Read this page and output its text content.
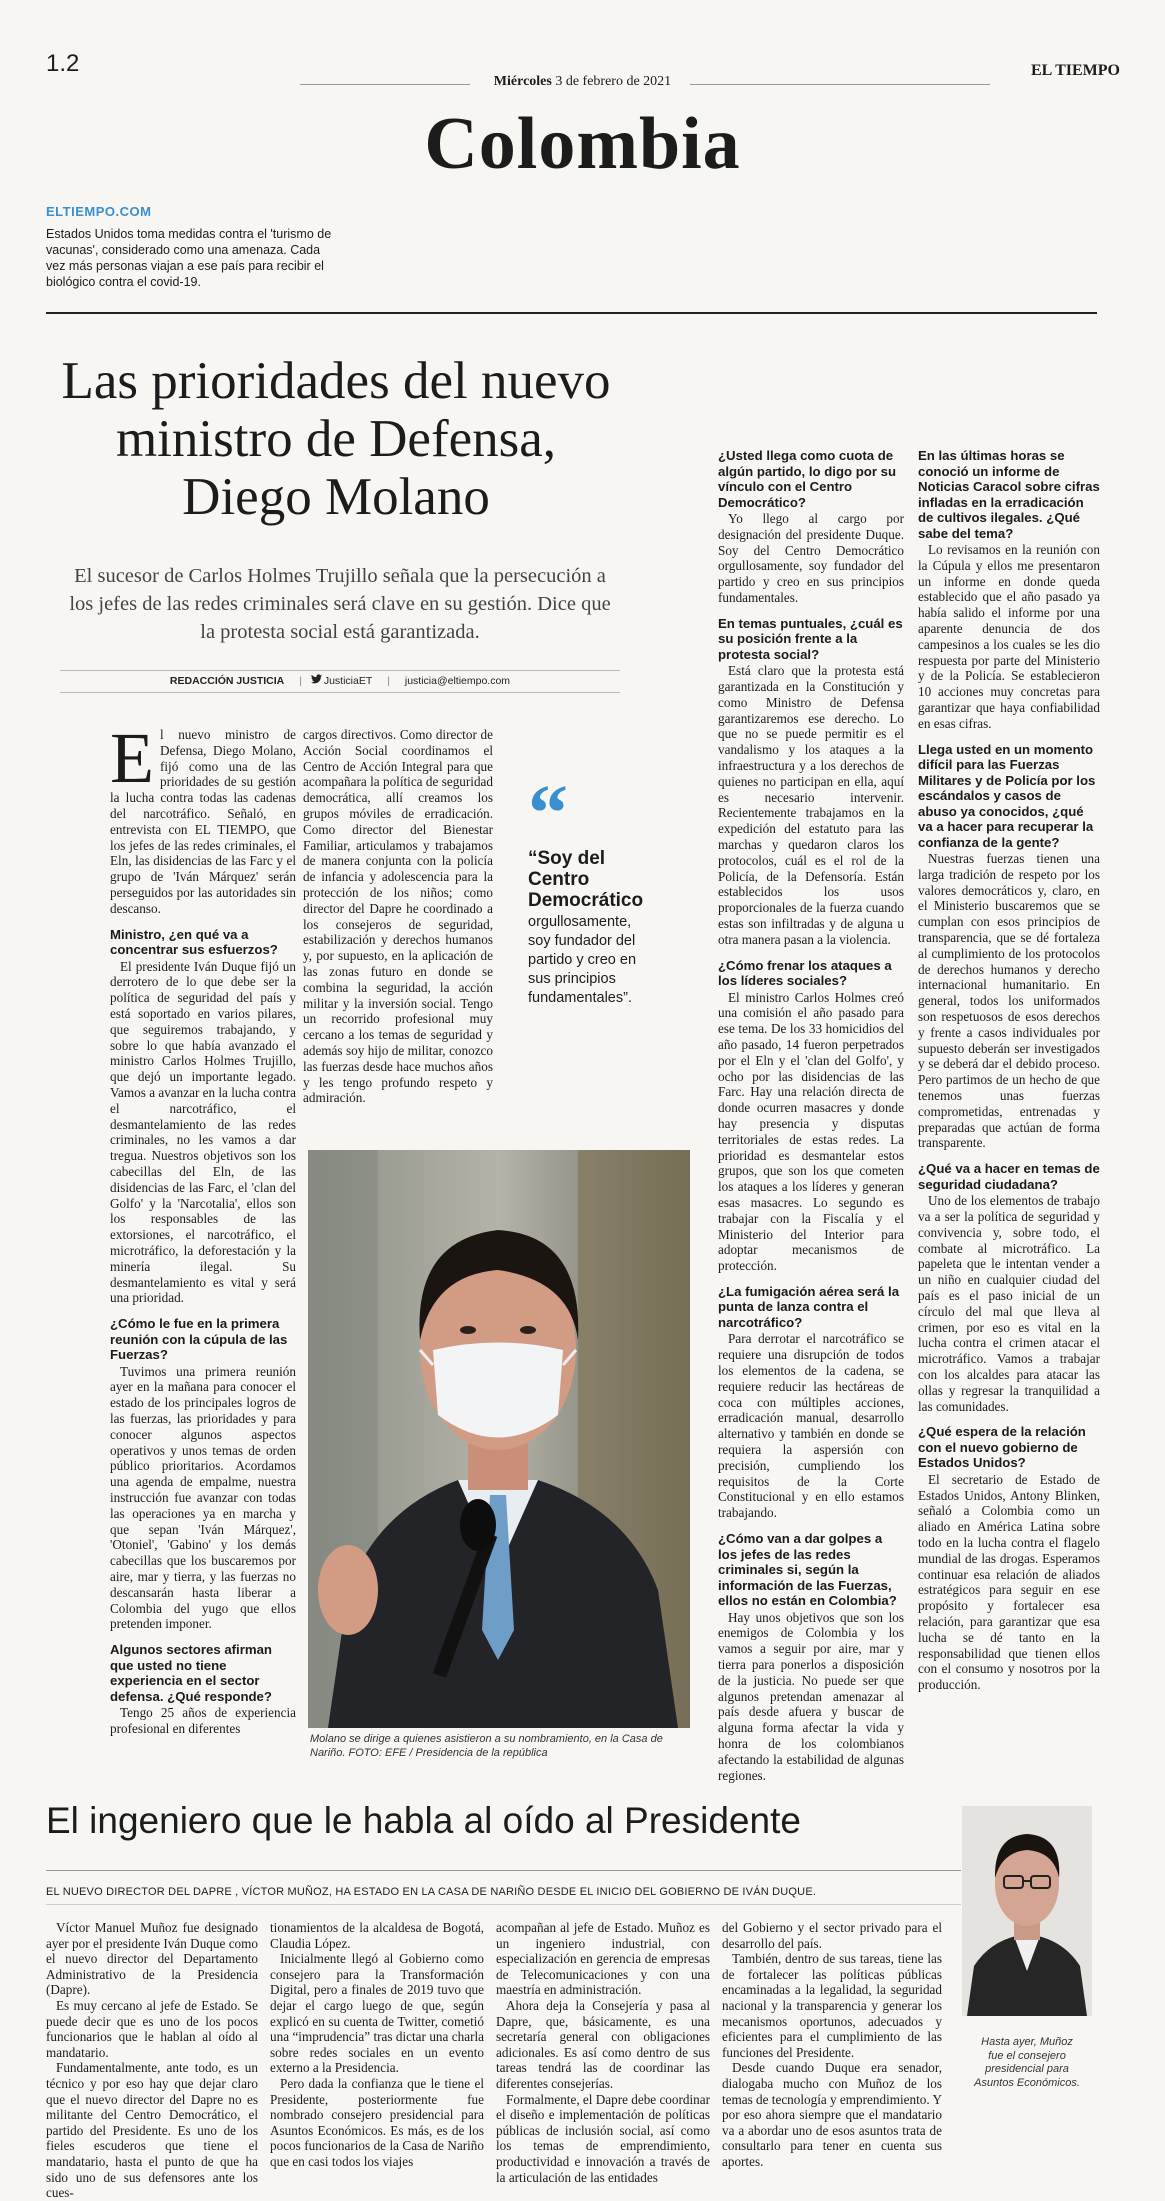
1.2
Miércoles 3 de febrero de 2021
EL TIEMPO
Colombia
ELTIEMPO.COM
Estados Unidos toma medidas contra el 'turismo de vacunas', considerado como una amenaza. Cada vez más personas viajan a ese país para recibir el biológico contra el covid-19.
Las prioridades del nuevo ministro de Defensa, Diego Molano
El sucesor de Carlos Holmes Trujillo señala que la persecución a los jefes de las redes criminales será clave en su gestión. Dice que la protesta social está garantizada.
REDACCIÓN JUSTICIA | JusticiaET | justicia@eltiempo.com

El nuevo ministro de Defensa, Diego Molano, fijó como una de las prioridades de su gestión la lucha contra todas las cadenas del narcotráfico. Señaló, en entrevista con EL TIEMPO, que los jefes de las redes criminales, el Eln, las disidencias de las Farc y el grupo de 'Iván Márquez' serán perseguidos por las autoridades sin descanso.

Ministro, ¿en qué va a concentrar sus esfuerzos?

El presidente Iván Duque fijó un derrotero de lo que debe ser la política de seguridad del país y está soportado en varios pilares, que seguiremos trabajando, y sobre lo que había avanzado el ministro Carlos Holmes Trujillo, que dejó un importante legado. Vamos a avanzar en la lucha contra el narcotráfico, el desmantelamiento de las redes criminales, no les vamos a dar tregua. Nuestros objetivos son los cabecillas del Eln, de las disidencias de las Farc, el 'clan del Golfo' y la 'Narcotalia', ellos son los responsables de las extorsiones, el narcotráfico, el microtráfico, la deforestación y la minería ilegal. Su desmantelamiento es vital y será una prioridad.

¿Cómo le fue en la primera reunión con la cúpula de las Fuerzas?

Tuvimos una primera reunión ayer en la mañana para conocer el estado de los principales logros de las fuerzas, las prioridades y para conocer algunos aspectos operativos y unos temas de orden público prioritarios. Acordamos una agenda de empalme, nuestra instrucción fue avanzar con todas las operaciones ya en marcha y que sepan 'Iván Márquez', 'Otoniel', 'Gabino' y los demás cabecillas que los buscaremos por aire, mar y tierra, y las fuerzas no descansarán hasta liberar a Colombia del yugo que ellos pretenden imponer.

Algunos sectores afirman que usted no tiene experiencia en el sector defensa. ¿Qué responde?

Tengo 25 años de experiencia profesional en diferentes

cargos directivos. Como director de Acción Social coordinamos el Centro de Acción Integral para que acompañara la política de seguridad democrática, allí creamos los grupos móviles de erradicación. Como director del Bienestar Familiar, articulamos y trabajamos de manera conjunta con la policía de infancia y adolescencia para la protección de los niños; como director del Dapre he coordinado a los consejeros de seguridad, estabilización y derechos humanos y, por supuesto, en la aplicación de las zonas futuro en donde se combina la seguridad, la acción militar y la inversión social. Tengo un recorrido profesional muy cercano a los temas de seguridad y además soy hijo de militar, conozco las fuerzas desde hace muchos años y les tengo profundo respeto y admiración.

“
“Soy del Centro Democrático
orgullosamente, soy fundador del partido y creo en sus principios fundamentales”.
Molano se dirige a quienes asistieron a su nombramiento, en la Casa de Nariño. FOTO: EFE / Presidencia de la república

¿Usted llega como cuota de algún partido, lo digo por su vínculo con el Centro Democrático?

Yo llego al cargo por designación del presidente Duque. Soy del Centro Democrático orgullosamente, soy fundador del partido y creo en sus principios fundamentales.

En temas puntuales, ¿cuál es su posición frente a la protesta social?

Está claro que la protesta está garantizada en la Constitución y como Ministro de Defensa garantizaremos ese derecho. Lo que no se puede permitir es el vandalismo y los ataques a la infraestructura y a los derechos de quienes no participan en ella, aquí es necesario intervenir. Recientemente trabajamos en la expedición del estatuto para las marchas y quedaron claros los protocolos, cuál es el rol de la Policía, de la Defensoría. Están establecidos los usos proporcionales de la fuerza cuando estas son infiltradas y de alguna u otra manera pasan a la violencia.

¿Cómo frenar los ataques a los líderes sociales?

El ministro Carlos Holmes creó una comisión el año pasado para ese tema. De los 33 homicidios del año pasado, 14 fueron perpetrados por el Eln y el 'clan del Golfo', y ocho por las disidencias de las Farc. Hay una relación directa de donde ocurren masacres y donde hay presencia y disputas territoriales de estas redes. La prioridad es desmantelar estos grupos, que son los que cometen los ataques a los líderes y generan esas masacres. Lo segundo es trabajar con la Fiscalía y el Ministerio del Interior para adoptar mecanismos de protección.

¿La fumigación aérea será la punta de lanza contra el narcotráfico?

Para derrotar el narcotráfico se requiere una disrupción de todos los elementos de la cadena, se requiere reducir las hectáreas de coca con múltiples acciones, erradicación manual, desarrollo alternativo y también en donde se requiera la aspersión con precisión, cumpliendo los requisitos de la Corte Constitucional y en ello estamos trabajando.

¿Cómo van a dar golpes a los jefes de las redes criminales si, según la información de las Fuerzas, ellos no están en Colombia?

Hay unos objetivos que son los enemigos de Colombia y los vamos a seguir por aire, mar y tierra para ponerlos a disposición de la justicia. No puede ser que algunos pretendan amenazar al país desde afuera y buscar de alguna forma afectar la vida y honra de los colombianos afectando la estabilidad de algunas regiones.

En las últimas horas se conoció un informe de Noticias Caracol sobre cifras infladas en la erradicación de cultivos ilegales. ¿Qué sabe del tema?

Lo revisamos en la reunión con la Cúpula y ellos me presentaron un informe en donde queda establecido que el año pasado ya había salido el informe por una aparente denuncia de dos campesinos a los cuales se les dio respuesta por parte del Ministerio y de la Policía. Se establecieron 10 acciones muy concretas para garantizar que haya confiabilidad en esas cifras.

Llega usted en un momento difícil para las Fuerzas Militares y de Policía por los escándalos y casos de abuso ya conocidos, ¿qué va a hacer para recuperar la confianza de la gente?

Nuestras fuerzas tienen una larga tradición de respeto por los valores democráticos y, claro, en el Ministerio buscaremos que se cumplan con esos principios de transparencia, que se dé fortaleza al cumplimiento de los protocolos de derechos humanos y derecho internacional humanitario. En general, todos los uniformados son respetuosos de esos derechos y frente a casos individuales por supuesto deberán ser investigados y se deberá dar el debido proceso. Pero partimos de un hecho de que tenemos unas fuerzas comprometidas, entrenadas y preparadas que actúan de forma transparente.

¿Qué va a hacer en temas de seguridad ciudadana?

Uno de los elementos de trabajo va a ser la política de seguridad y convivencia y, sobre todo, el combate al microtráfico. La papeleta que le intentan vender a un niño en cualquier ciudad del país es el paso inicial de un círculo del mal que lleva al crimen, por eso es vital en la lucha contra el crimen atacar el microtráfico. Vamos a trabajar con los alcaldes para atacar las ollas y regresar la tranquilidad a las comunidades.

¿Qué espera de la relación con el nuevo gobierno de Estados Unidos?

El secretario de Estado de Estados Unidos, Antony Blinken, señaló a Colombia como un aliado en América Latina sobre todo en la lucha contra el flagelo mundial de las drogas. Esperamos continuar esa relación de aliados estratégicos para seguir en ese propósito y fortalecer esa relación, para garantizar que esa lucha se dé tanto en la responsabilidad que tienen ellos con el consumo y nosotros por la producción.

El ingeniero que le habla al oído al Presidente
EL NUEVO DIRECTOR DEL DAPRE , VÍCTOR MUÑOZ, HA ESTADO EN LA CASA DE NARIÑO DESDE EL INICIO DEL GOBIERNO DE IVÁN DUQUE.

Víctor Manuel Muñoz fue designado ayer por el presidente Iván Duque como el nuevo director del Departamento Administrativo de la Presidencia (Dapre).

Es muy cercano al jefe de Estado. Se puede decir que es uno de los pocos funcionarios que le hablan al oído al mandatario.

Fundamentalmente, ante todo, es un técnico y por eso hay que dejar claro que el nuevo director del Dapre no es militante del Centro Democrático, el partido del Presidente. Es uno de los fieles escuderos que tiene el mandatario, hasta el punto de que ha sido uno de sus defensores ante los cues-

tionamientos de la alcaldesa de Bogotá, Claudia López.

Inicialmente llegó al Gobierno como consejero para la Transformación Digital, pero a finales de 2019 tuvo que dejar el cargo luego de que, según explicó en su cuenta de Twitter, cometió una “imprudencia” tras dictar una charla sobre redes sociales en un evento externo a la Presidencia.

Pero dada la confianza que le tiene el Presidente, posteriormente fue nombrado consejero presidencial para Asuntos Económicos. Es más, es de los pocos funcionarios de la Casa de Nariño que en casi todos los viajes

acompañan al jefe de Estado. Muñoz es un ingeniero industrial, con especialización en gerencia de empresas de Telecomunicaciones y con una maestría en administración.

Ahora deja la Consejería y pasa al Dapre, que, básicamente, es una secretaría general con obligaciones adicionales. Es así como dentro de sus tareas tendrá las de coordinar las diferentes consejerías.

Formalmente, el Dapre debe coordinar el diseño e implementación de políticas públicas de inclusión social, así como los temas de emprendimiento, productividad e innovación a través de la articulación de las entidades

del Gobierno y el sector privado para el desarrollo del país.

También, dentro de sus tareas, tiene las de fortalecer las políticas públicas encaminadas a la legalidad, la seguridad nacional y la transparencia y generar los mecanismos oportunos, adecuados y eficientes para el cumplimiento de las funciones del Presidente.

Desde cuando Duque era senador, dialogaba mucho con Muñoz de los temas de tecnología y emprendimiento. Y por eso ahora siempre que el mandatario va a abordar uno de esos asuntos trata de consultarlo para tener en cuenta sus aportes.

Hasta ayer, Muñoz fue el consejero presidencial para Asuntos Económicos.
